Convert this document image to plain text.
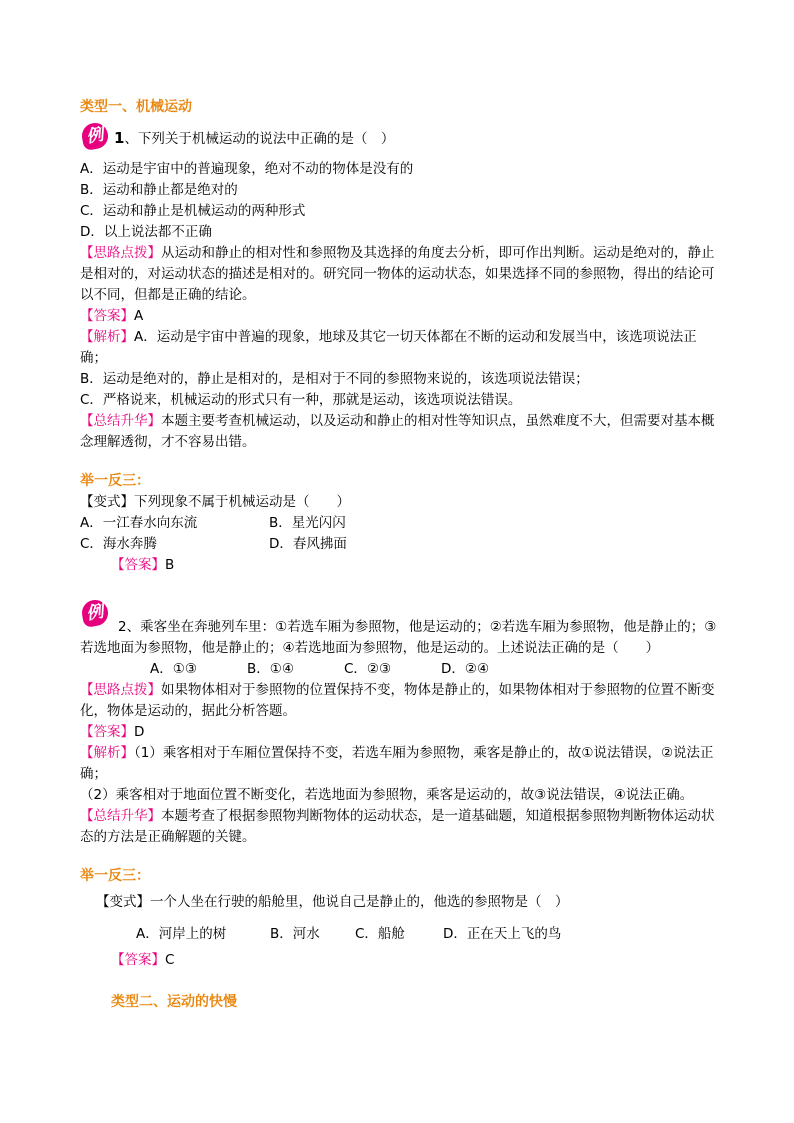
类型一、机械运动
例 1、下列关于机械运动的说法中正确的是（　）
A．运动是宇宙中的普遍现象，绝对不动的物体是没有的
B．运动和静止都是绝对的
C．运动和静止是机械运动的两种形式
D．以上说法都不正确
【思路点拨】从运动和静止的相对性和参照物及其选择的角度去分析，即可作出判断。运动是绝对的，静止是相对的，对运动状态的描述是相对的。研究同一物体的运动状态，如果选择不同的参照物，得出的结论可以不同，但都是正确的结论。
【答案】A
【解析】A．运动是宇宙中普遍的现象，地球及其它一切天体都在不断的运动和发展当中，该选项说法正确；
B．运动是绝对的，静止是相对的，是相对于不同的参照物来说的，该选项说法错误；
C．严格说来，机械运动的形式只有一种，那就是运动，该选项说法错误。
【总结升华】本题主要考查机械运动，以及运动和静止的相对性等知识点，虽然难度不大，但需要对基本概念理解透彻，才不容易出错。
举一反三：
【变式】下列现象不属于机械运动是（　　）
A．一江春水向东流	B．星光闪闪
C．海水奔腾	D．春风拂面
【答案】B
例
2、乘客坐在奔驰列车里：①若选车厢为参照物，他是运动的；②若选车厢为参照物，他是静止的；③若选地面为参照物，他是静止的；④若选地面为参照物，他是运动的。上述说法正确的是（　　）
A．①③	B．①④	C．②③	D．②④
【思路点拨】如果物体相对于参照物的位置保持不变，物体是静止的，如果物体相对于参照物的位置不断变化，物体是运动的，据此分析答题。
【答案】D
【解析】（1）乘客相对于车厢位置保持不变，若选车厢为参照物，乘客是静止的，故①说法错误，②说法正确；
（2）乘客相对于地面位置不断变化，若选地面为参照物，乘客是运动的，故③说法错误，④说法正确。
【总结升华】本题考查了根据参照物判断物体的运动状态，是一道基础题，知道根据参照物判断物体运动状态的方法是正确解题的关键。
举一反三：
【变式】一个人坐在行驶的船舱里，他说自己是静止的，他选的参照物是（　）
A．河岸上的树	B．河水	C．船舱	D．正在天上飞的鸟
【答案】C
类型二、运动的快慢
